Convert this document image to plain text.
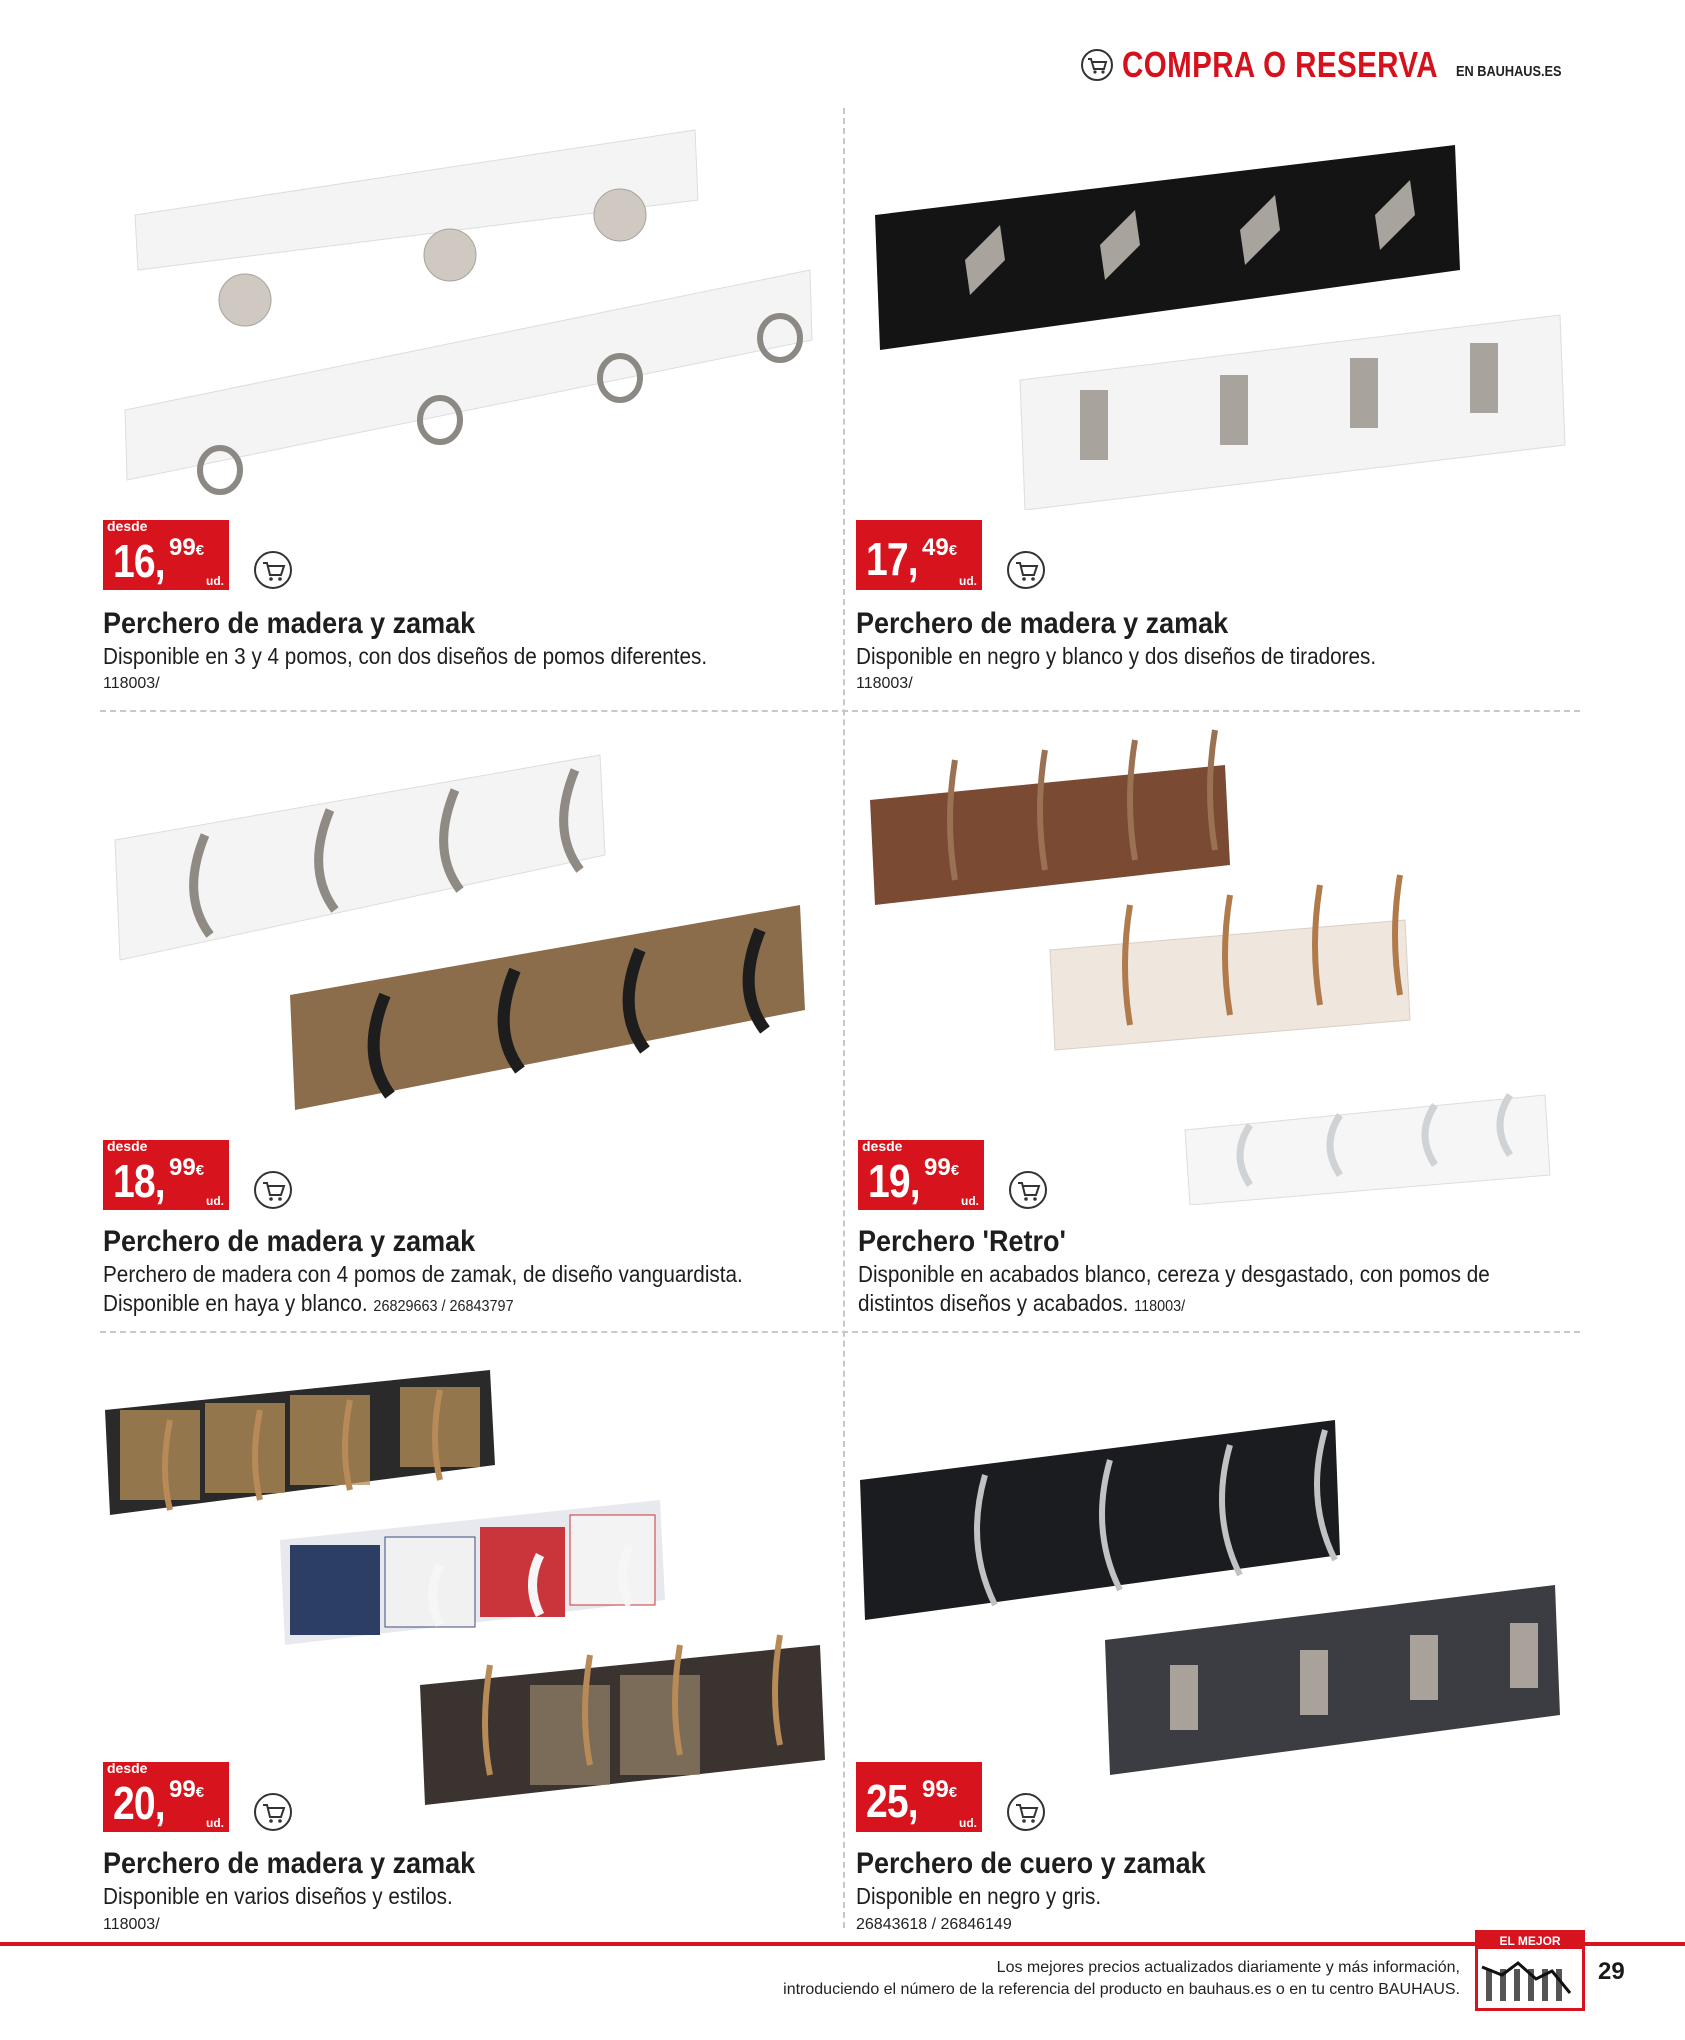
COMPRA O RESERVA EN BAUHAUS.ES
desde
16, 99€
ud.
Perchero de madera y zamak
Disponible en 3 y 4 pomos, con dos diseños de pomos diferentes.
118003/
17, 49€
ud.
Perchero de madera y zamak
Disponible en negro y blanco y dos diseños de tiradores.
118003/
desde
18, 99€
ud.
Perchero de madera y zamak
Perchero de madera con 4 pomos de zamak, de diseño vanguardista.
Disponible en haya y blanco. 26829663 / 26843797
desde
19, 99€
ud.
Perchero 'Retro'
Disponible en acabados blanco, cereza y desgastado, con pomos de
distintos diseños y acabados. 118003/
desde
20, 99€
ud.
Perchero de madera y zamak
Disponible en varios diseños y estilos.
118003/
25, 99€
ud.
Perchero de cuero y zamak
Disponible en negro y gris.
26843618 / 26846149
Los mejores precios actualizados diariamente y más información,
introduciendo el número de la referencia del producto en bauhaus.es o en tu centro BAUHAUS.
EL MEJOR PRECIO
29
